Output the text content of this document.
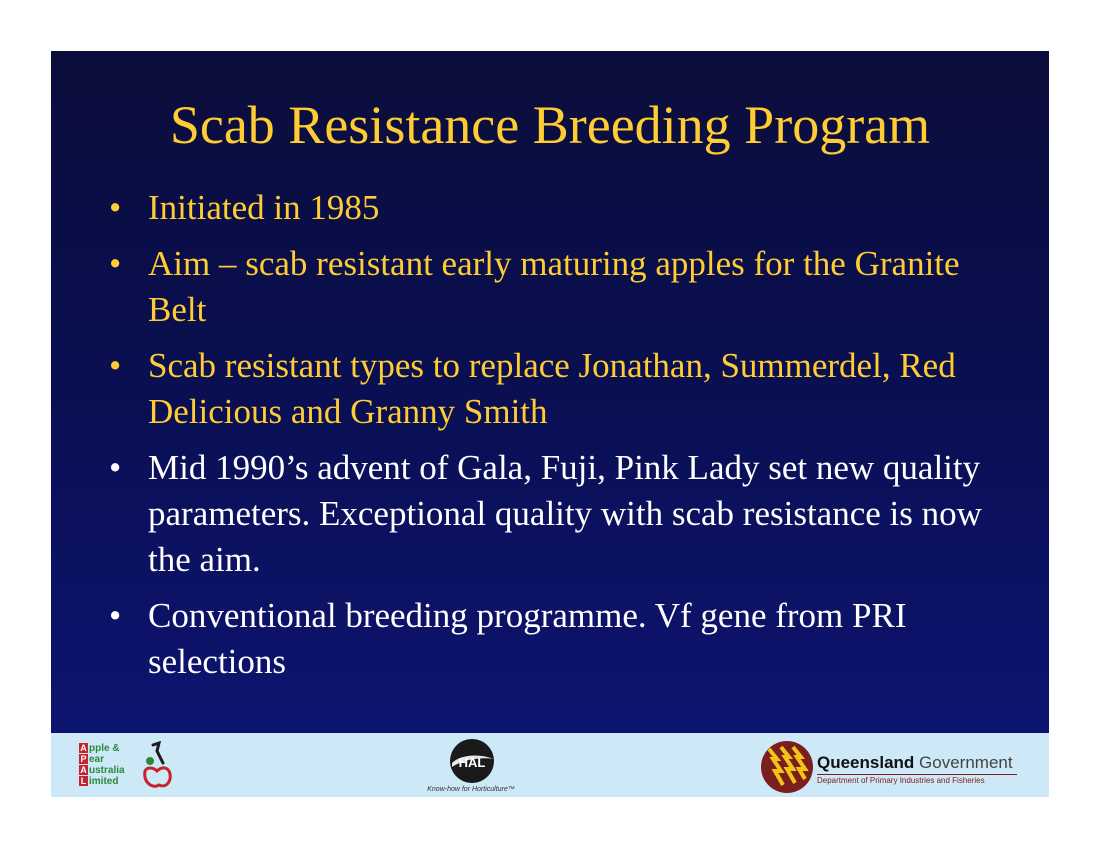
Scab Resistance Breeding Program
• Initiated in 1985
• Aim – scab resistant early maturing apples for the Granite Belt
• Scab resistant types to replace Jonathan, Summerdel, Red Delicious and Granny Smith
• Mid 1990’s advent of Gala, Fuji, Pink Lady set new quality parameters. Exceptional quality with scab resistance is now the aim.
• Conventional breeding programme. Vf gene from PRI selections
A pple &
P ear
A ustralia
L imited
HAL
Know-how for Horticulture™
Queensland Government
Department of Primary Industries and Fisheries
